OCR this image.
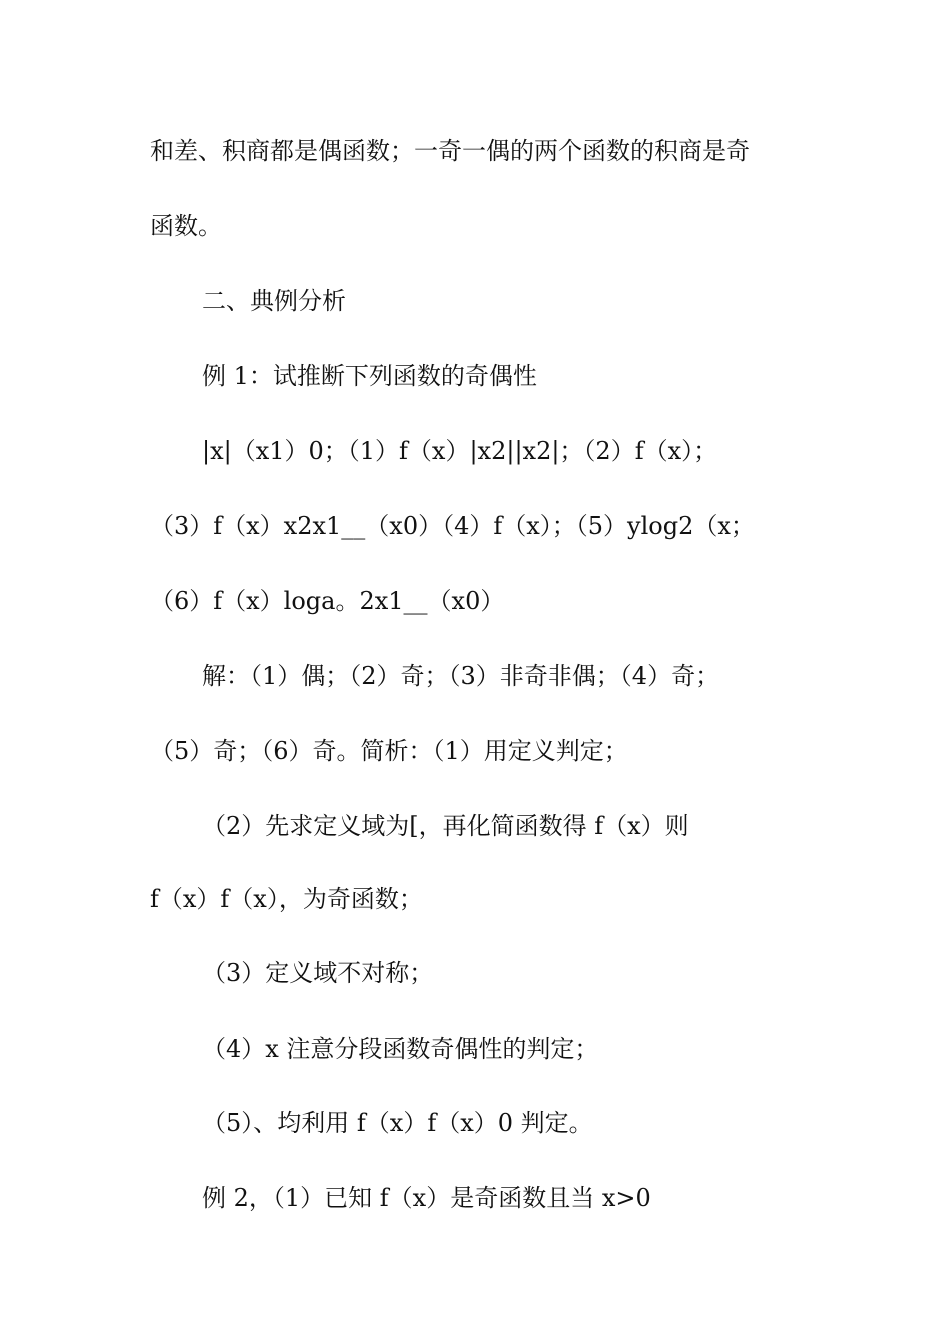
和差、积商都是偶函数；一奇一偶的两个函数的积商是奇
函数。
二、典例分析
例 1：试推断下列函数的奇偶性
|x|（x1）0；（1）f（x）|x2||x2|；（2）f（x）；
（3）f（x）x2x1__（x0）（4）f（x）；（5）ylog2（x；
（6）f（x）loga。2x1__（x0）
解：（1）偶；（2）奇；（3）非奇非偶；（4）奇；
（5）奇；（6）奇。简析：（1）用定义判定；
（2）先求定义域为[，再化简函数得 f（x）则
f（x）f（x），为奇函数；
（3）定义域不对称；
（4）x 注意分段函数奇偶性的判定；
（5）、均利用 f（x）f（x）0 判定。
例 2，（1）已知 f（x）是奇函数且当 x>0
